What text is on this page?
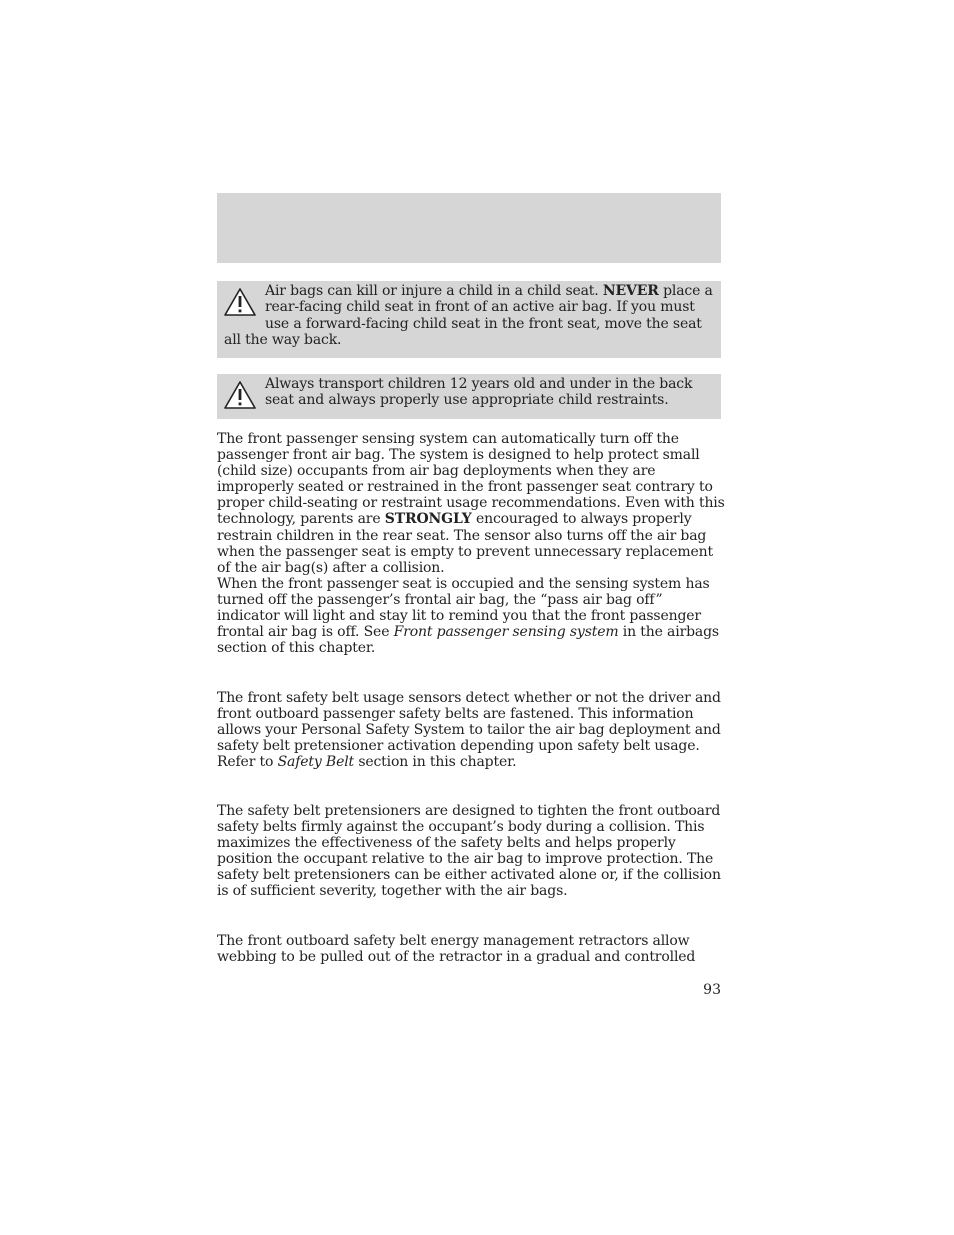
Air bags can kill or injure a child in a child seat. NEVER place a rear-facing child seat in front of an active air bag. If you must use a forward-facing child seat in the front seat, move the seat all the way back.
Always transport children 12 years old and under in the back seat and always properly use appropriate child restraints.

The front passenger sensing system can automatically turn off the passenger front air bag. The system is designed to help protect small (child size) occupants from air bag deployments when they are improperly seated or restrained in the front passenger seat contrary to proper child-seating or restraint usage recommendations. Even with this technology, parents are STRONGLY encouraged to always properly restrain children in the rear seat. The sensor also turns off the air bag when the passenger seat is empty to prevent unnecessary replacement of the air bag(s) after a collision.

When the front passenger seat is occupied and the sensing system has turned off the passenger’s frontal air bag, the “pass air bag off” indicator will light and stay lit to remind you that the front passenger frontal air bag is off. See Front passenger sensing system in the airbags section of this chapter.

The front safety belt usage sensors detect whether or not the driver and front outboard passenger safety belts are fastened. This information allows your Personal Safety System to tailor the air bag deployment and safety belt pretensioner activation depending upon safety belt usage. Refer to Safety Belt section in this chapter.

The safety belt pretensioners are designed to tighten the front outboard safety belts firmly against the occupant’s body during a collision. This maximizes the effectiveness of the safety belts and helps properly position the occupant relative to the air bag to improve protection. The safety belt pretensioners can be either activated alone or, if the collision is of sufficient severity, together with the air bags.

The front outboard safety belt energy management retractors allow webbing to be pulled out of the retractor in a gradual and controlled

93
